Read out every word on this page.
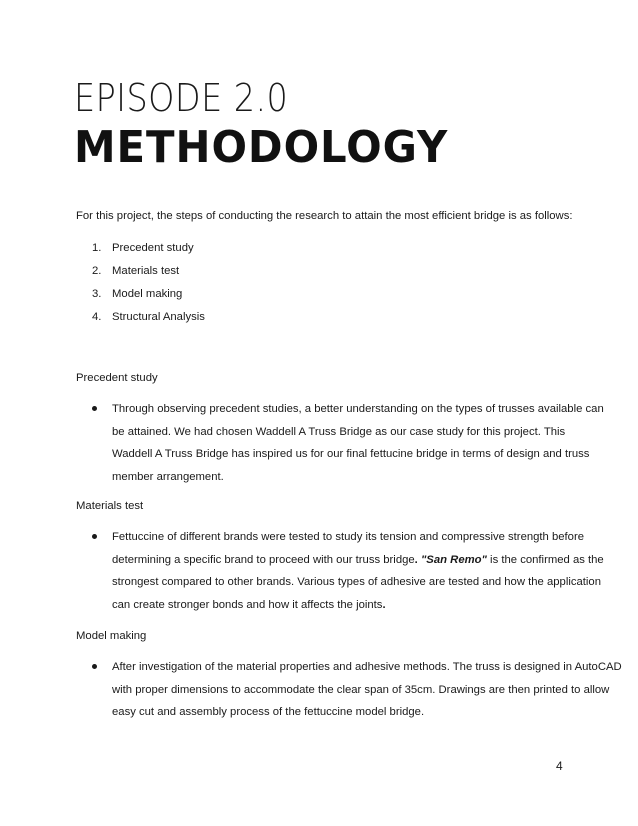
EPISODE 2.0
METHODOLOGY
For this project, the steps of conducting the research to attain the most efficient bridge is as follows:
1. Precedent study
2. Materials test
3. Model making
4. Structural Analysis
Precedent study
Through observing precedent studies, a better understanding on the types of trusses available can
be attained. We had chosen Waddell A Truss Bridge as our case study for this project. This
Waddell A Truss Bridge has inspired us for our final fettucine bridge in terms of design and truss
member arrangement.
Materials test
Fettuccine of different brands were tested to study its tension and compressive strength before
determining a specific brand to proceed with our truss bridge. "San Remo" is the confirmed as the
strongest compared to other brands. Various types of adhesive are tested and how the application
can create stronger bonds and how it affects the joints.
Model making
After investigation of the material properties and adhesive methods. The truss is designed in AutoCAD
with proper dimensions to accommodate the clear span of 35cm. Drawings are then printed to allow
easy cut and assembly process of the fettuccine model bridge.
4
